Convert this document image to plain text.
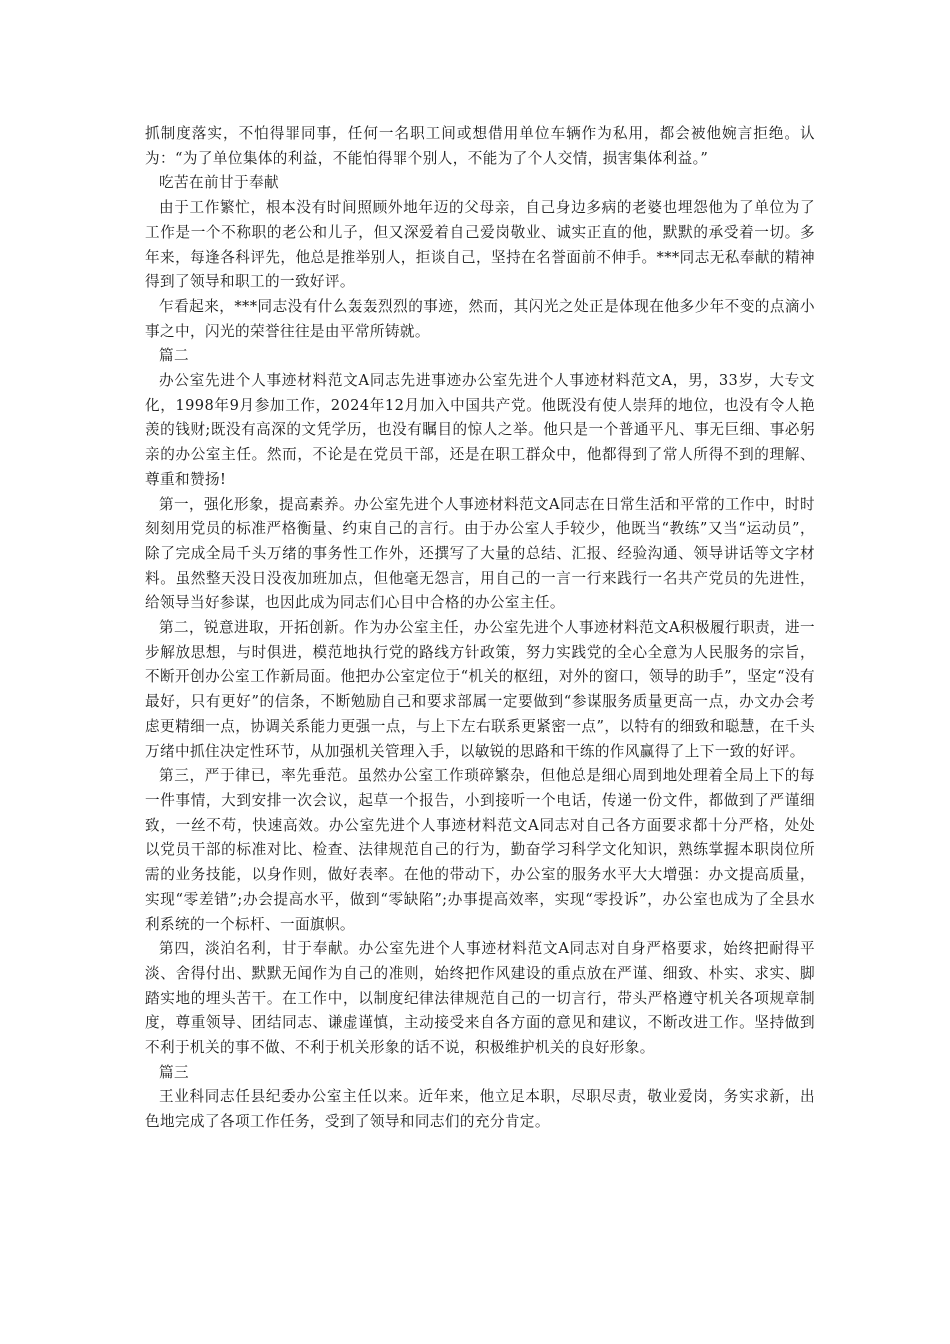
抓制度落实，不怕得罪同事，任何一名职工间或想借用单位车辆作为私用，都会被他婉言拒绝。认为：“为了单位集体的利益，不能怕得罪个别人，不能为了个人交情，损害集体利益。”

吃苦在前甘于奉献

由于工作繁忙，根本没有时间照顾外地年迈的父母亲，自己身边多病的老婆也埋怨他为了单位为了工作是一个不称职的老公和儿子，但又深爱着自己爱岗敬业、诚实正直的他，默默的承受着一切。多年来，每逢各科评先，他总是推举别人，拒谈自己，坚持在名誉面前不伸手。***同志无私奉献的精神得到了领导和职工的一致好评。

乍看起来，***同志没有什么轰轰烈烈的事迹，然而，其闪光之处正是体现在他多少年不变的点滴小事之中，闪光的荣誉往往是由平常所铸就。

篇二

办公室先进个人事迹材料范文A同志先进事迹办公室先进个人事迹材料范文A，男，33岁，大专文化，1998年9月参加工作，2024年12月加入中国共产党。他既没有使人崇拜的地位，也没有令人艳羡的钱财;既没有高深的文凭学历，也没有瞩目的惊人之举。他只是一个普通平凡、事无巨细、事必躬亲的办公室主任。然而，不论是在党员干部，还是在职工群众中，他都得到了常人所得不到的理解、尊重和赞扬!

第一，强化形象，提高素养。办公室先进个人事迹材料范文A同志在日常生活和平常的工作中，时时刻刻用党员的标准严格衡量、约束自己的言行。由于办公室人手较少，他既当“教练”又当“运动员”，除了完成全局千头万绪的事务性工作外，还撰写了大量的总结、汇报、经验沟通、领导讲话等文字材料。虽然整天没日没夜加班加点，但他毫无怨言，用自己的一言一行来践行一名共产党员的先进性，给领导当好参谋，也因此成为同志们心目中合格的办公室主任。

第二，锐意进取，开拓创新。作为办公室主任，办公室先进个人事迹材料范文A积极履行职责，进一步解放思想，与时俱进，模范地执行党的路线方针政策，努力实践党的全心全意为人民服务的宗旨，不断开创办公室工作新局面。他把办公室定位于“机关的枢纽，对外的窗口，领导的助手”，坚定“没有最好，只有更好”的信条，不断勉励自己和要求部属一定要做到“参谋服务质量更高一点，办文办会考虑更精细一点，协调关系能力更强一点，与上下左右联系更紧密一点”，以特有的细致和聪慧，在千头万绪中抓住决定性环节，从加强机关管理入手，以敏锐的思路和干练的作风赢得了上下一致的好评。

第三，严于律已，率先垂范。虽然办公室工作琐碎繁杂，但他总是细心周到地处理着全局上下的每一件事情，大到安排一次会议，起草一个报告，小到接听一个电话，传递一份文件，都做到了严谨细致，一丝不苟，快速高效。办公室先进个人事迹材料范文A同志对自己各方面要求都十分严格，处处以党员干部的标准对比、检查、法律规范自己的行为，勤奋学习科学文化知识，熟练掌握本职岗位所需的业务技能，以身作则，做好表率。在他的带动下，办公室的服务水平大大增强：办文提高质量，实现“零差错”;办会提高水平，做到“零缺陷”;办事提高效率，实现“零投诉”，办公室也成为了全县水利系统的一个标杆、一面旗帜。

第四，淡泊名利，甘于奉献。办公室先进个人事迹材料范文A同志对自身严格要求，始终把耐得平淡、舍得付出、默默无闻作为自己的准则，始终把作风建设的重点放在严谨、细致、朴实、求实、脚踏实地的埋头苦干。在工作中，以制度纪律法律规范自己的一切言行，带头严格遵守机关各项规章制度，尊重领导、团结同志、谦虚谨慎，主动接受来自各方面的意见和建议，不断改进工作。坚持做到不利于机关的事不做、不利于机关形象的话不说，积极维护机关的良好形象。

篇三

王业科同志任县纪委办公室主任以来。近年来，他立足本职，尽职尽责，敬业爱岗，务实求新，出色地完成了各项工作任务，受到了领导和同志们的充分肯定。
